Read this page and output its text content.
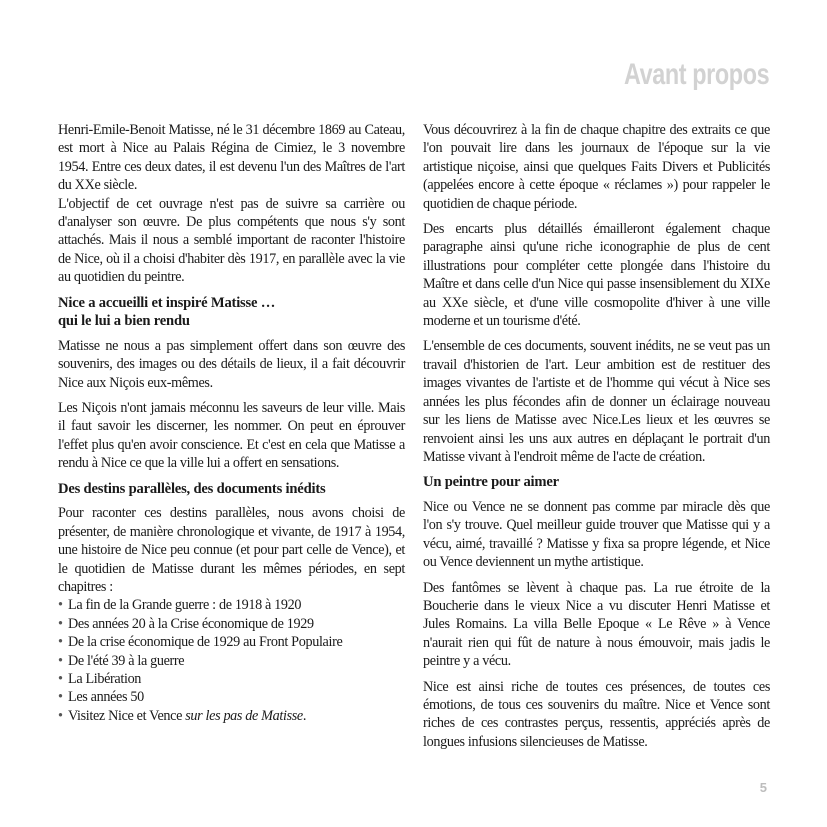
Avant propos

Henri-Emile-Benoit Matisse, né le 31 décembre 1869 au Cateau, est mort à Nice au Palais Régina de Cimiez, le 3 novembre 1954. Entre ces deux dates, il est devenu l'un des Maîtres de l'art du XXe siècle.

L'objectif de cet ouvrage n'est pas de suivre sa carrière ou d'analyser son œuvre. De plus compétents que nous s'y sont attachés. Mais il nous a semblé important de raconter l'histoire de Nice, où il a choisi d'habiter dès 1917, en parallèle avec la vie au quotidien du peintre.

Nice a accueilli et inspiré Matisse …
qui le lui a bien rendu

Matisse ne nous a pas simplement offert dans son œuvre des souvenirs, des images ou des détails de lieux, il a fait découvrir Nice aux Niçois eux-mêmes.

Les Niçois n'ont jamais méconnu les saveurs de leur ville. Mais il faut savoir les discerner, les nommer. On peut en éprouver l'effet plus qu'en avoir conscience. Et c'est en cela que Matisse a rendu à Nice ce que la ville lui a offert en sensations.

Des destins parallèles, des documents inédits

Pour raconter ces destins parallèles, nous avons choisi de présenter, de manière chronologique et vivante, de 1917 à 1954, une histoire de Nice peu connue (et pour part celle de Vence), et le quotidien de Matisse durant les mêmes périodes, en sept chapitres :

• La fin de la Grande guerre : de 1918 à 1920
• Des années 20 à la Crise économique de 1929
• De la crise économique de 1929 au Front Populaire
• De l'été 39 à la guerre
• La Libération
• Les années 50
• Visitez Nice et Vence sur les pas de Matisse.

Vous découvrirez à la fin de chaque chapitre des extraits ce que l'on pouvait lire dans les journaux de l'époque sur la vie artistique niçoise, ainsi que quelques Faits Divers et Publicités (appelées encore à cette époque « réclames ») pour rappeler le quotidien de chaque période.

Des encarts plus détaillés émailleront également chaque paragraphe ainsi qu'une riche iconographie de plus de cent illustrations pour compléter cette plongée dans l'histoire du Maître et dans celle d'un Nice qui passe insensiblement du XIXe au XXe siècle, et d'une ville cosmopolite d'hiver à une ville moderne et un tourisme d'été.

L'ensemble de ces documents, souvent inédits, ne se veut pas un travail d'historien de l'art. Leur ambition est de restituer des images vivantes de l'artiste et de l'homme qui vécut à Nice ses années les plus fécondes afin de donner un éclairage nouveau sur les liens de Matisse avec Nice.Les lieux et les œuvres se renvoient ainsi les uns aux autres en déplaçant le portrait d'un Matisse vivant à l'endroit même de l'acte de création.

Un peintre pour aimer

Nice ou Vence ne se donnent pas comme par miracle dès que l'on s'y trouve. Quel meilleur guide trouver que Matisse qui y a vécu, aimé, travaillé ? Matisse y fixa sa propre légende, et Nice ou Vence deviennent un mythe artistique.

Des fantômes se lèvent à chaque pas. La rue étroite de la Boucherie dans le vieux Nice a vu discuter Henri Matisse et Jules Romains. La villa Belle Epoque « Le Rêve » à Vence n'aurait rien qui fût de nature à nous émouvoir, mais jadis le peintre y a vécu.

Nice est ainsi riche de toutes ces présences, de toutes ces émotions, de tous ces souvenirs du maître. Nice et Vence sont riches de ces contrastes perçus, ressentis, appréciés après de longues infusions silencieuses de Matisse.

5
